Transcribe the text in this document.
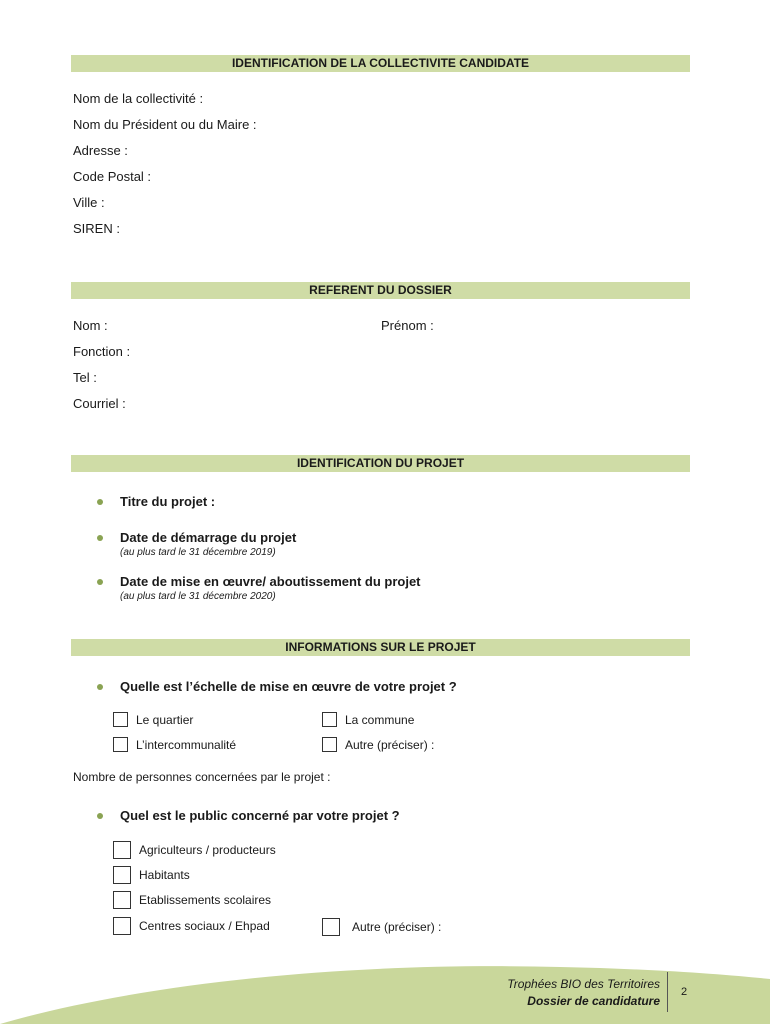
IDENTIFICATION DE LA COLLECTIVITE CANDIDATE
Nom de la collectivité :
Nom du Président ou du Maire :
Adresse :
Code Postal :
Ville :
SIREN :
REFERENT DU DOSSIER
Nom :	Prénom :
Fonction :
Tel :
Courriel :
IDENTIFICATION DU PROJET
Titre du projet :
Date de démarrage du projet
(au plus tard le 31 décembre 2019)
Date de mise en œuvre/ aboutissement du projet
(au plus tard le 31 décembre 2020)
INFORMATIONS SUR LE PROJET
Quelle est l’échelle de mise en œuvre de votre projet ?
Le quartier	La commune
L’intercommunalité	Autre (préciser) :
Nombre de personnes concernées par le projet :
Quel est le public concerné par votre projet ?
Agriculteurs / producteurs
Habitants
Etablissements scolaires
Centres sociaux / Ehpad	Autre (préciser) :
Trophées BIO des Territoires
Dossier de candidature
2
